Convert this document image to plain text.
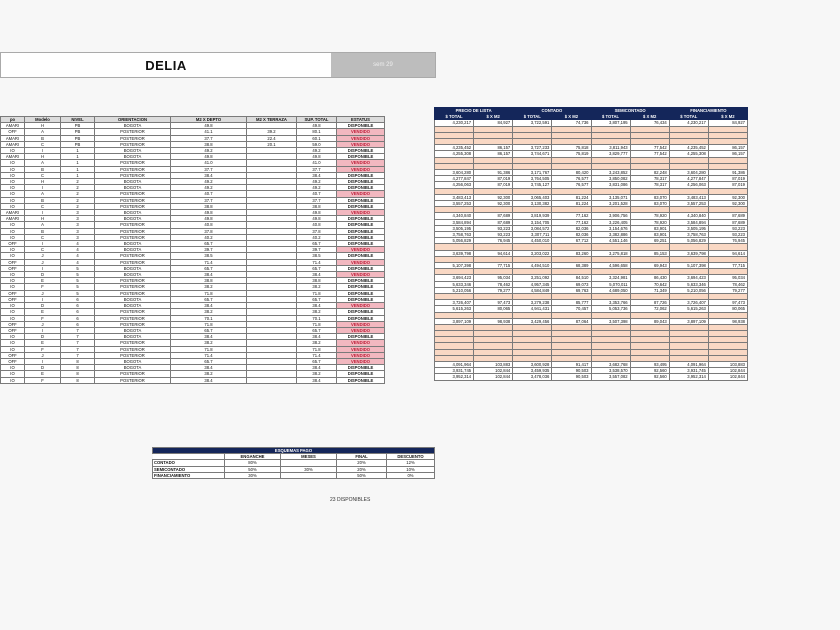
DELIA	sem 29
po	Modelo	NIVEL	ORIENTACION	M2 X DEPTO	M2 X TERRAZA	SUP. TOTAL	ESTATUS
AMARI	H	PB	BOGOTA	49.8		49.8	DISPONIBLE
OFF	A	PB	POSTERIOR	41.1	39.2	80.1	VENDIDO
AMARI	B	PB	POSTERIOR	37.7	22.4	60.1	VENDIDO
AMARI	C	PB	POSTERIOR	38.8	20.1	59.0	VENDIDO
IO	I	1	BOGOTA	49.2		49.2	DISPONIBLE
AMARI	H	1	BOGOTA	49.8		49.8	DISPONIBLE
IO	A	1	POSTERIOR	41.0		41.0	VENDIDO
IO	B	1	POSTERIOR	37.7		37.7	VENDIDO
IO	C	1	POSTERIOR	38.4		38.4	DISPONIBLE
IO	H	2	BOGOTA	49.2		49.2	DISPONIBLE
IO	I	2	BOGOTA	49.2		49.2	DISPONIBLE
IO	A	2	POSTERIOR	40.7		40.7	VENDIDO
IO	B	2	POSTERIOR	37.7		37.7	DISPONIBLE
IO	C	2	POSTERIOR	38.8		38.8	DISPONIBLE
AMARI	I	3	BOGOTA	49.8		49.8	VENDIDO
AMARI	H	3	BOGOTA	49.8		49.8	DISPONIBLE
IO	A	3	POSTERIOR	40.8		40.8	DISPONIBLE
IO	B	3	POSTERIOR	37.8		37.8	DISPONIBLE
IO	C	3	POSTERIOR	40.2		40.2	DISPONIBLE
OFF	I	4	BOGOTA	65.7		65.7	DISPONIBLE
IO	C	4	BOGOTA	39.7		39.7	VENDIDO
IO	J	4	POSTERIOR	38.5		38.5	DISPONIBLE
OFF	J	4	POSTERIOR	71.4		71.4	VENDIDO
OFF	I	5	BOGOTA	65.7		65.7	DISPONIBLE
IO	D	5	BOGOTA	38.4		38.4	VENDIDO
IO	E	5	POSTERIOR	38.8		38.8	DISPONIBLE
IO	F	5	POSTERIOR	38.2		38.2	DISPONIBLE
OFF	J	5	POSTERIOR	71.8		71.8	DISPONIBLE
OFF	I	6	BOGOTA	65.7		65.7	DISPONIBLE
IO	D	6	BOGOTA	38.4		38.4	VENDIDO
IO	E	6	POSTERIOR	38.2		38.2	DISPONIBLE
IO	F	6	POSTERIOR	70.1		70.1	DISPONIBLE
OFF	J	6	POSTERIOR	71.8		71.8	VENDIDO
OFF	I	7	BOGOTA	65.7		65.7	VENDIDO
IO	D	7	BOGOTA	38.4		38.4	DISPONIBLE
IO	E	7	POSTERIOR	38.2		38.2	VENDIDO
IO	F	7	POSTERIOR	71.8		71.8	VENDIDO
OFF	J	7	POSTERIOR	71.4		71.4	VENDIDO
OFF	I	8	BOGOTA	65.7		65.7	VENDIDO
IO	D	8	BOGOTA	38.4		38.4	DISPONIBLE
IO	E	8	POSTERIOR	38.2		38.2	DISPONIBLE
IO	F	8	POSTERIOR	38.4		38.4	DISPONIBLE
PRECIO DE LISTA		CONTADO		SEMICONTADO		FINANCIAMIENTO	
$ TOTAL	$ X M2	$ TOTAL	$ X M2	$ TOTAL	$ X M2	$ TOTAL	$ X M2
4,230,217	84,927	3,722,591	74,736	3,807,195	76,434	4,230,217	84,927

4,235,452	86,157	3,727,233	75,818	3,811,943	77,542	4,235,452	86,157
4,255,308	86,157	3,744,671	75,819	3,829,777	77,542	4,255,308	86,157

3,604,280	91,386	3,171,767	80,420	3,243,852	82,248	3,604,280	91,386
4,277,847	87,019	3,764,505	76,577	3,850,082	78,317	4,277,847	87,019
4,256,063	87,019	3,745,127	76,577	3,831,086	78,317	4,256,063	87,019

3,483,413	92,300	3,065,403	81,224	3,135,071	83,070	3,483,413	92,300
3,557,253	92,300	3,130,382	81,224	3,201,528	83,070	3,557,253	92,300

4,340,840	87,689	3,819,939	77,162	3,906,756	78,920	4,340,840	87,689
3,584,894	87,689	3,154,705	77,162	3,226,405	78,920	3,584,894	87,689
3,505,195	93,223	3,084,572	82,036	3,154,676	83,901	3,505,195	93,223
3,758,763	93,223	3,307,711	82,036	3,382,886	83,901	3,758,763	93,223
5,056,829	76,945	4,450,010	67,712	4,551,146	69,251	5,056,829	76,945

3,639,798	94,614	3,203,022	83,260	3,275,818	85,153	3,639,798	94,614

5,107,398	77,715	4,494,510	68,389	4,596,658	69,943	5,107,398	77,715

3,694,423	95,034	3,251,092	84,510	3,324,981	86,430	3,694,423	95,034
5,633,346	78,462	4,957,345	69,073	5,070,011	70,642	5,633,346	78,462
5,210,056	79,277	4,584,849	69,763	4,689,050	71,349	5,210,056	79,277

3,726,407	97,473	3,279,238	85,777	3,353,766	87,726	3,726,407	97,473
5,615,263	80,065	4,941,431	70,457	5,053,736	72,062	5,615,263	80,065

3,897,109	98,938	3,429,456	87,064	3,507,398	89,043	3,897,109	98,938

4,091,964	103,883	3,600,928	91,417	3,682,768	93,495	4,091,964	103,883
3,931,745	102,844	3,459,935	90,503	3,538,570	92,560	3,931,745	102,844
3,952,314	102,844	3,478,036	90,503	3,557,082	92,560	3,952,314	102,844
ESQUEMAS PAGO				
	ENGANCHE	MESES	FINAL	DESCUENTO
CONTADO	80%		20%	12%
SEMICONTADO	50%	30%	20%	10%
FINANCIAMIENTO	30%		50%	0%
23 DISPONIBLES
